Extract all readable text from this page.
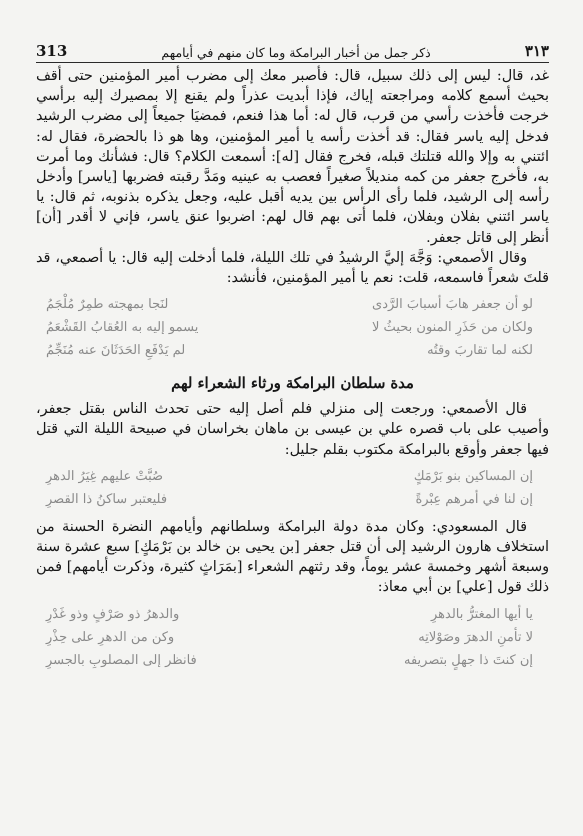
313	ذكر جمل من أخبار البرامكة وما كان منهم في أيامهم	٣١٣

غد، قال: ليس إلى ذلك سبيل، قال: فأصبر معك إلى مضرب أمير المؤمنين حتى أقف بحيث أسمع كلامه ومراجعته إياك، فإذا أبديت عذراً ولم يقنع إلا بمصيرك إليه برأسي خرجت فأخذت رأسي من قرب، قال له: أما هذا فنعم، فمضيَا جميعاً إلى مضرب الرشيد فدخل إليه ياسر فقال: قد أخذت رأسه يا أمير المؤمنين، وها هو ذا بالحضرة، فقال له: ائتني به وإلا والله قتلتك قبله، فخرج فقال [له]: أسمعت الكلام؟ قال: فشأنك وما أمرت به، فأخرج جعفر من كمه منديلاً صغيراً فعصب به عينيه ومَدَّ رقبته فضربها [ياسر] وأدخل رأسه إلى الرشيد، فلما رأى الرأس بين يديه أقبل عليه، وجعل يذكره بذنوبه، ثم قال: يا ياسر ائتني بفلان وبفلان، فلما أتى بهم قال لهم: اضربوا عنق ياسر، فإني لا أقدر [أن] أنظر إلى قاتل جعفر.

وقال الأصمعي: وَجَّهَ إليَّ الرشيدُ في تلك الليلة، فلما أدخلت إليه قال: يا أصمعي، قد قلتَ شعراً فاسمعه، قلت: نعم يا أمير المؤمنين، فأنشد:

لو أن جعفر هابَ أسبابَ الرَّدى
لنَجا بمهجته طمِرٌ مُلْجَمُ
ولكان من حَذَرِ المنون بحيثُ لا
يسمو إليه به العُقابُ القَشْعَمُ
لكنه لما تقاربَ وقتُه
لم يَدْفَعِ الحَدَثَانَ عنه مُنَجِّمُ
مدة سلطان البرامكة ورثاء الشعراء لهم

قال الأصمعي: ورجعت إلى منزلي فلم أصل إليه حتى تحدث الناس بقتل جعفر، وأصيب على باب قصره علي بن عيسى بن ماهان بخراسان في صبيحة الليلة التي قتل فيها جعفر وأوقع بالبرامكة مكتوب بقلم جليل:

إن المساكين بنو بَرْمَكٍ
صُبَّتْ عليهم غِيَرُ الدهرِ
إن لنا في أمرهم عِبْرةً
فليعتبر ساكنُ ذا القصرِ

قال المسعودي: وكان مدة دولة البرامكة وسلطانهم وأيامهم النضرة الحسنة من استخلاف هارون الرشيد إلى أن قتل جعفر [بن يحيى بن خالد بن بَرْمَكٍ] سبع عشرة سنة وسبعة أشهر وخمسة عشر يوماً، وقد رثتهم الشعراء [بمَرَاثٍ كثيرة، وذكرت أيامهم] فمن ذلك قول [علي] بن أبي معاذ:

يا أيها المغترُّ بالدهرِ
والدهرُ ذو صَرْفٍ وذو غَدْرِ
لا تأمنِ الدهرَ وصَوْلاتِه
وكن من الدهرِ على حِذْرِ
إن كنتَ ذا جهلٍ بتصريفه
فانظر إلى المصلوبِ بالجسرِ
